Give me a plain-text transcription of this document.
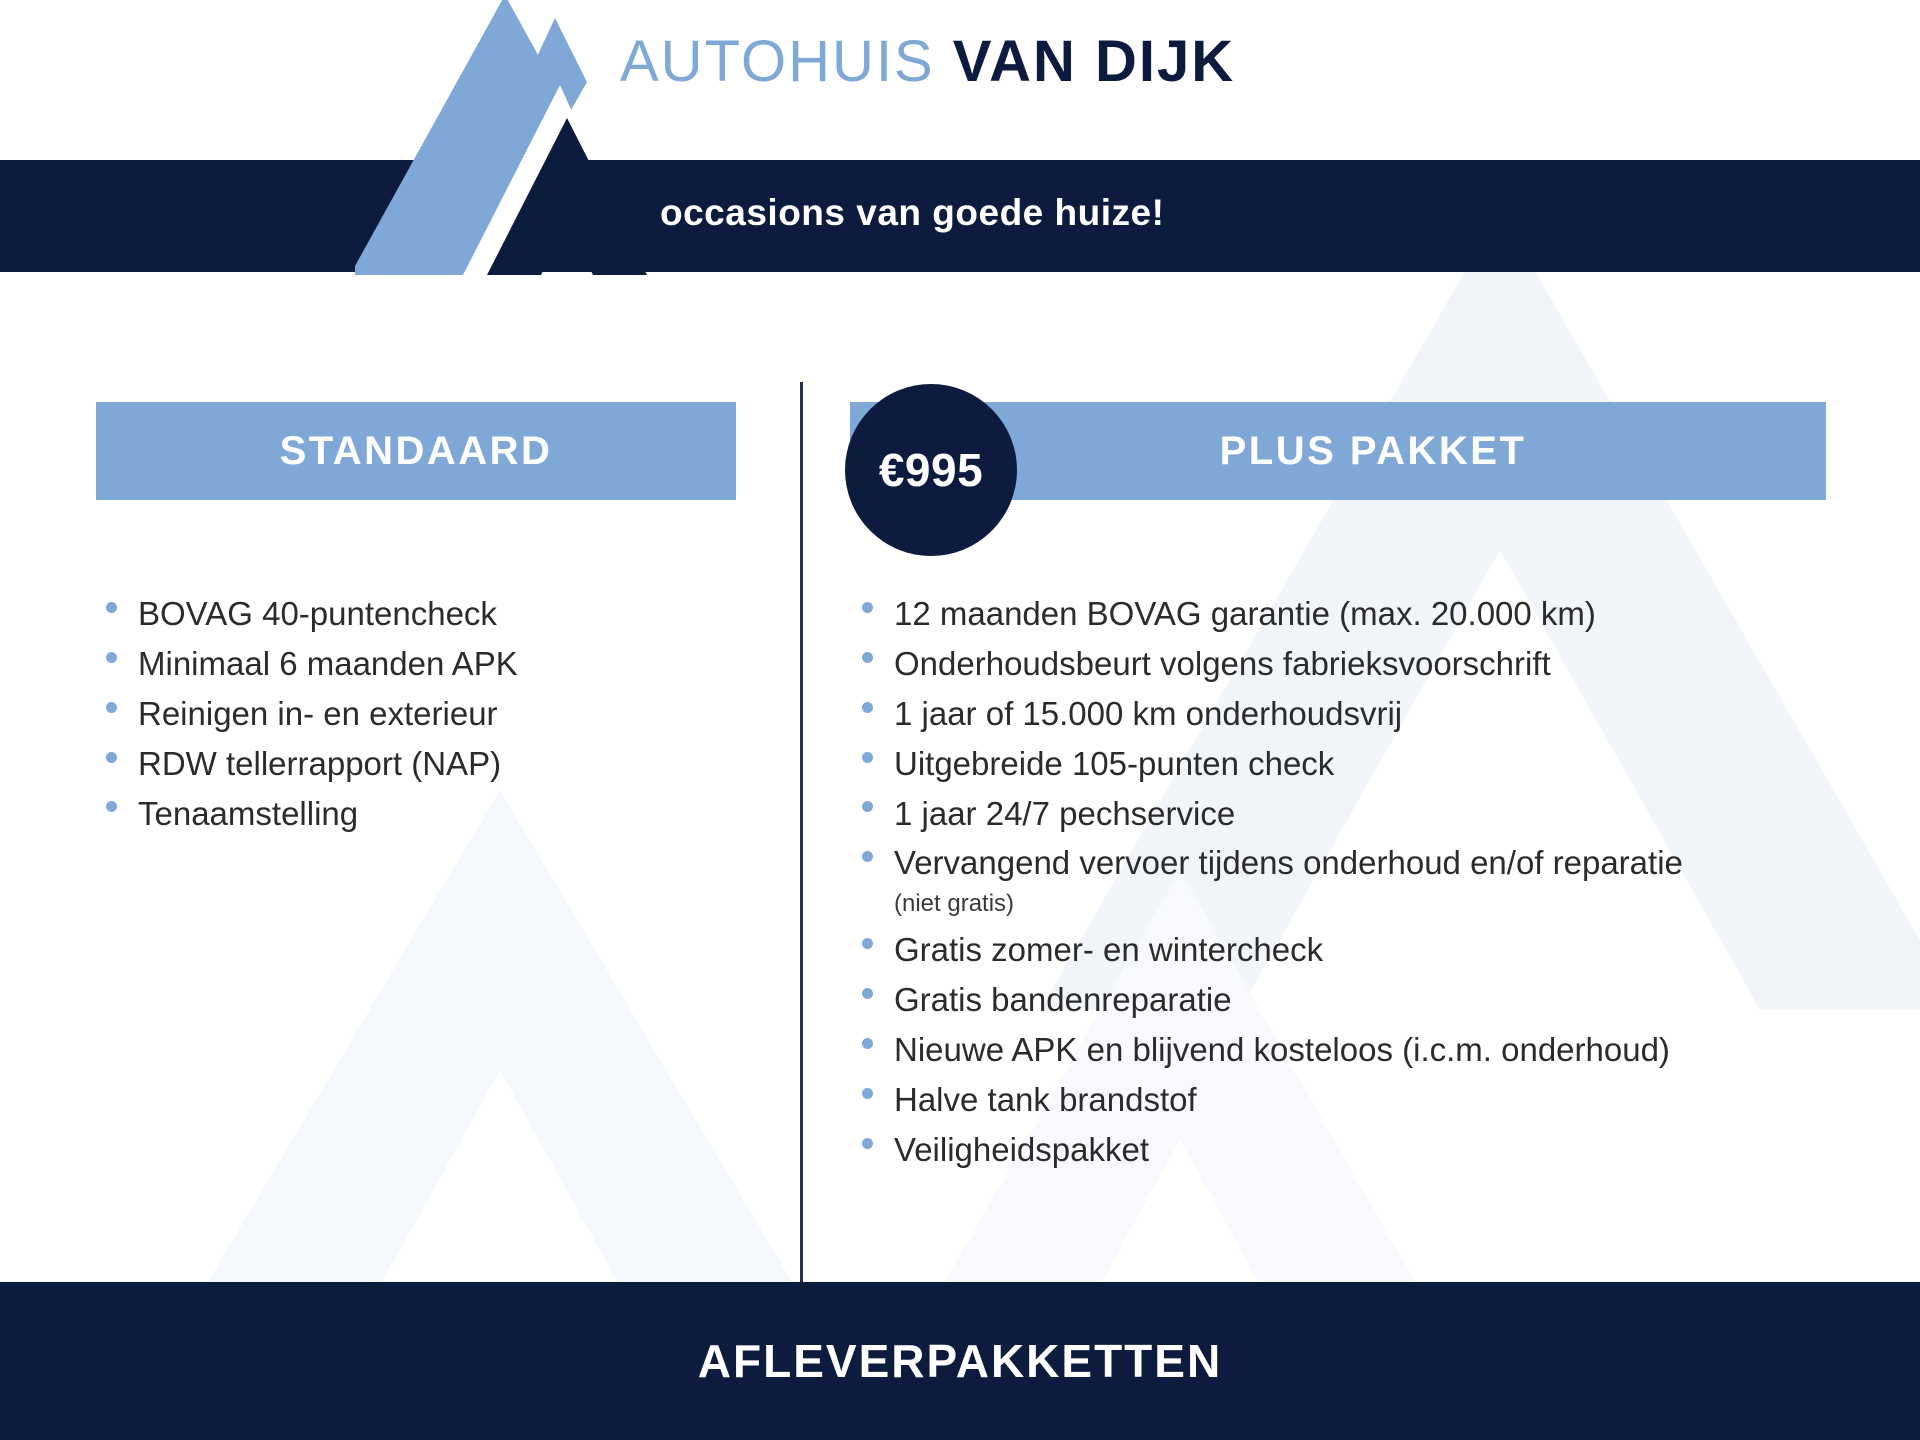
AUTOHUIS VAN DIJK
occasions van goede huize!
STANDAARD	PLUS PAKKET
€995
BOVAG 40-puntencheck
Minimaal 6 maanden APK
Reinigen in- en exterieur
RDW tellerrapport (NAP)
Tenaamstelling
12 maanden BOVAG garantie (max. 20.000 km)
Onderhoudsbeurt volgens fabrieksvoorschrift
1 jaar of 15.000 km onderhoudsvrij
Uitgebreide 105-punten check
1 jaar 24/7 pechservice
Vervangend vervoer tijdens onderhoud en/of reparatie
(niet gratis)
Gratis zomer- en wintercheck
Gratis bandenreparatie
Nieuwe APK en blijvend kosteloos (i.c.m. onderhoud)
Halve tank brandstof
Veiligheidspakket
AFLEVERPAKKETTEN
